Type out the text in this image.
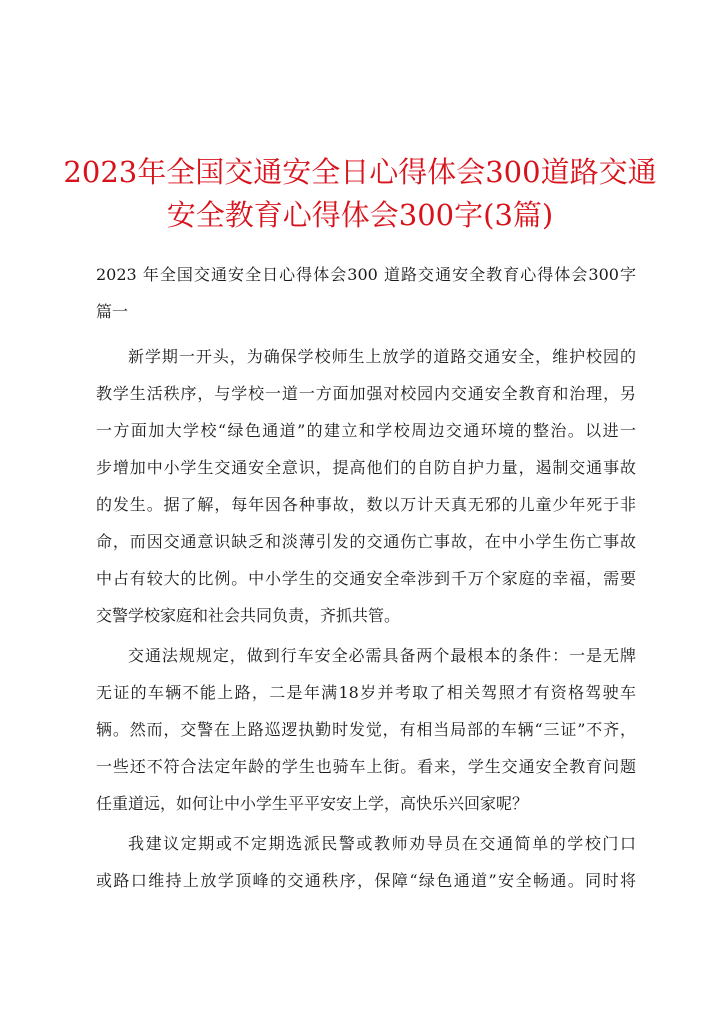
2023年全国交通安全日心得体会300道路交通
安全教育心得体会300字(3篇)
2023 年全国交通安全日心得体会300 道路交通安全教育心得体会300字
篇一
新学期一开头，为确保学校师生上放学的道路交通安全，维护校园的
教学生活秩序，与学校一道一方面加强对校园内交通安全教育和治理，另
一方面加大学校“绿色通道”的建立和学校周边交通环境的整治。以进一
步增加中小学生交通安全意识，提高他们的自防自护力量，遏制交通事故
的发生。据了解，每年因各种事故，数以万计天真无邪的儿童少年死于非
命，而因交通意识缺乏和淡薄引发的交通伤亡事故，在中小学生伤亡事故
中占有较大的比例。中小学生的交通安全牵涉到千万个家庭的幸福，需要
交警学校家庭和社会共同负责，齐抓共管。
交通法规规定，做到行车安全必需具备两个最根本的条件：一是无牌
无证的车辆不能上路，二是年满18岁并考取了相关驾照才有资格驾驶车
辆。然而，交警在上路巡逻执勤时发觉，有相当局部的车辆“三证”不齐，
一些还不符合法定年龄的学生也骑车上街。看来，学生交通安全教育问题
任重道远，如何让中小学生平平安安上学，高快乐兴回家呢？
我建议定期或不定期选派民警或教师劝导员在交通简单的学校门口
或路口维持上放学顶峰的交通秩序，保障“绿色通道”安全畅通。同时将
